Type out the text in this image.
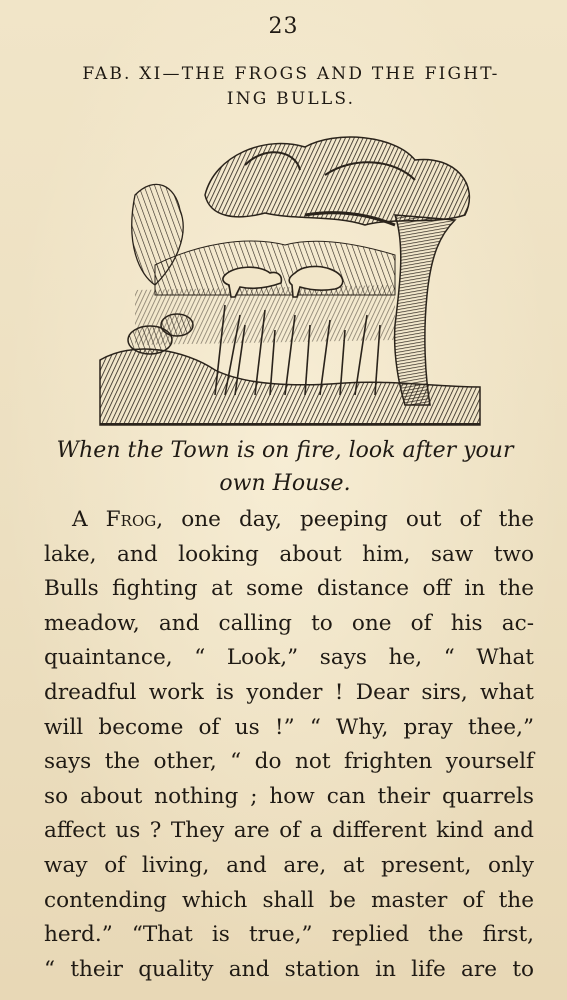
23
FAB. XI—THE FROGS AND THE FIGHT-
ING BULLS.
When the Town is on fire, look after your
own House.
A Frog, one day, peeping out of the
lake, and looking about him, saw two
Bulls fighting at some distance off in the
meadow, and calling to one of his ac-
quaintance, “ Look,” says he, “ What
dreadful work is yonder ! Dear sirs, what
will become of us !” “ Why, pray thee,”
says the other, “ do not frighten yourself
so about nothing ; how can their quarrels
affect us ? They are of a different kind and
way of living, and are, at present, only
contending which shall be master of the
herd.” “That is true,” replied the first,
“ their quality and station in life are to
